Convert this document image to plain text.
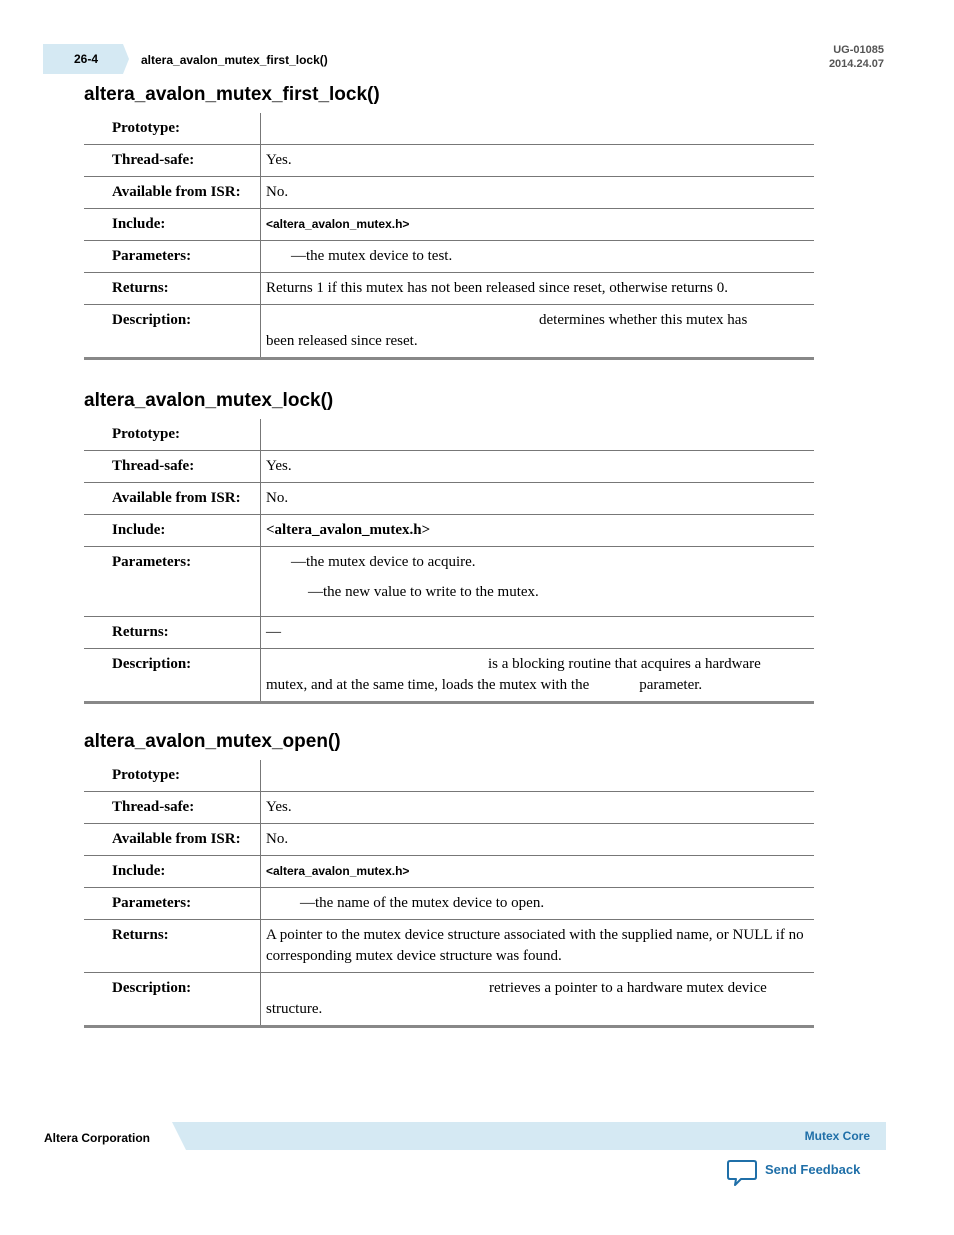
26-4	altera_avalon_mutex_first_lock()
UG-01085
2014.24.07
altera_avalon_mutex_first_lock()
Prototype:	
Thread-safe:	Yes.
Available from ISR:	No.
Include:	<altera_avalon_mutex.h>
Parameters:	—the mutex device to test.
Returns:	Returns 1 if this mutex has not been released since reset, otherwise returns 0.
Description:	determines whether this mutex has
been released since reset.
altera_avalon_mutex_lock()
Prototype:	
Thread-safe:	Yes.
Available from ISR:	No.
Include:	<altera_avalon_mutex.h>
Parameters:	—the mutex device to acquire.
—the new value to write to the mutex.

Returns:	—
Description:	is a blocking routine that acquires a hardware
mutex, and at the same time, loads the mutex with the parameter.
altera_avalon_mutex_open()
Prototype:	
Thread-safe:	Yes.
Available from ISR:	No.
Include:	<altera_avalon_mutex.h>
Parameters:	—the name of the mutex device to open.
Returns:	A pointer to the mutex device structure associated with the supplied name, or NULL if no corresponding mutex device structure was found.
Description:	retrieves a pointer to a hardware mutex device
structure.
Altera Corporation	Mutex Core
Send Feedback
